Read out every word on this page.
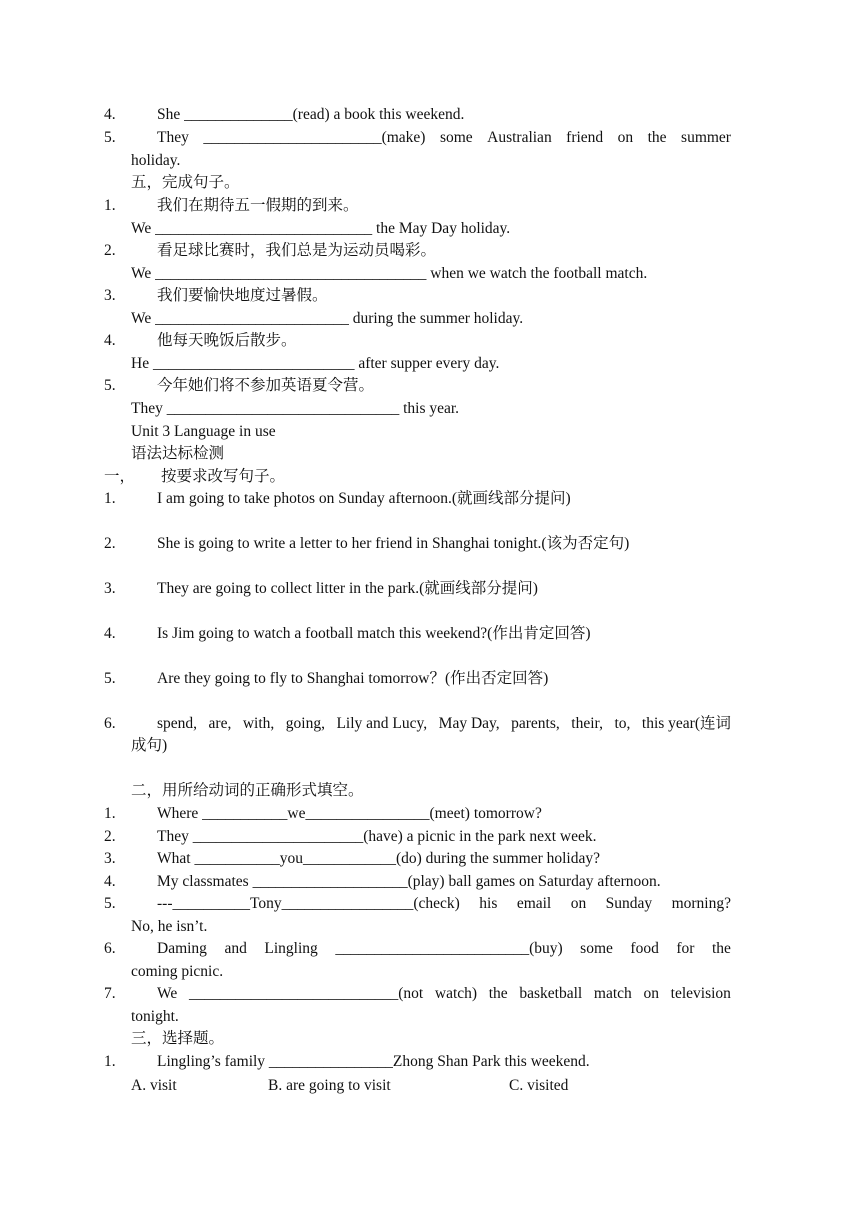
4.	She ______________(read) a book this weekend.
5.	They _______________________(make) some Australian friend on the summer
holiday.
五，完成句子。
1.	我们在期待五一假期的到来。
We ____________________________ the May Day holiday.
2.	看足球比赛时，我们总是为运动员喝彩。
We ___________________________________ when we watch the football match.
3.	我们要愉快地度过暑假。
We _________________________ during the summer holiday.
4.	他每天晚饭后散步。
He __________________________ after supper every day.
5.	今年她们将不参加英语夏令营。
They ______________________________ this year.
Unit 3 Language in use
语法达标检测
一， 按要求改写句子。
1.	I am going to take photos on Sunday afternoon.(就画线部分提问)
2.	She is going to write a letter to her friend in Shanghai tonight.(该为否定句)
3.	They are going to collect litter in the park.(就画线部分提问)
4.	Is Jim going to watch a football match this weekend?(作出肯定回答)
5.	Are they going to fly to Shanghai tomorrow？(作出否定回答)
6.	spend, are, with, going, Lily and Lucy, May Day, parents, their, to, this year(连词
成句)
二，用所给动词的正确形式填空。
1.	Where ___________we________________(meet) tomorrow?
2.	They ______________________(have) a picnic in the park next week.
3.	What ___________you____________(do) during the summer holiday?
4.	My classmates ____________________(play) ball games on Saturday afternoon.
5.	---__________Tony_________________(check) his email on Sunday morning?
No, he isn’t.
6.	Daming and Lingling _________________________(buy) some food for the
coming picnic.
7.	We ___________________________(not watch) the basketball match on television
tonight.
三，选择题。
1.	Lingling’s family ________________Zhong Shan Park this weekend.
A. visit	B. are going to visit	C. visited
